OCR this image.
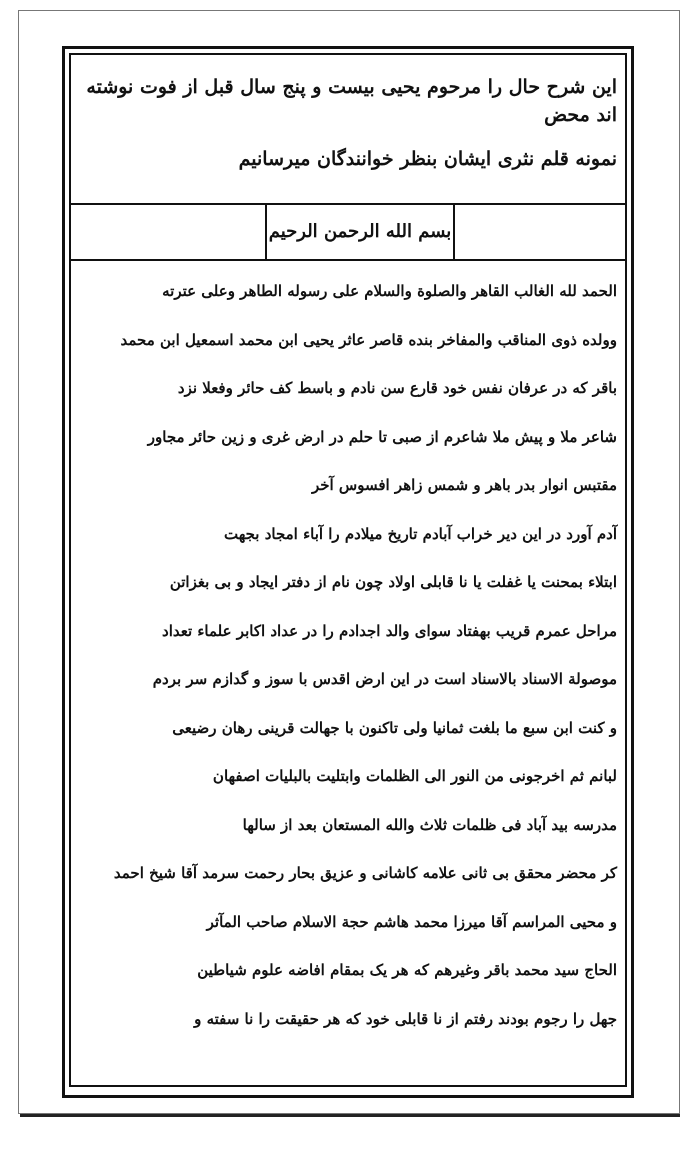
این شرح حال را مرحوم یحیی بیست و پنج سال قبل از فوت نوشته اند محض
نمونه قلم نثری ایشان بنظر خوانندگان میرسانیم
بسم الله الرحمن الرحیم
الحمد لله الغالب القاهر والصلوة والسلام علی رسوله الطاهر وعلی عترته
وولده ذوی المناقب والمفاخر بنده قاصر عاثر یحیی ابن محمد اسمعیل ابن محمد
باقر که در عرفان نفس خود قارع سن نادم و باسط کف حائر وفعلا نزد
شاعر ملا و پیش ملا شاعرم از صبی تا حلم در ارض غری و زین حائر مجاور
مقتبس انوار بدر باهر و شمس زاهر افسوس آخر
آدم آورد در این دیر خراب آبادم تاریخ میلادم را آباء امجاد بجهت
ابتلاء بمحنت یا غفلت یا نا قابلی اولاد چون نام از دفتر ایجاد و بی بغزاتن
مراحل عمرم قریب بهفتاد سوای والد اجدادم را در عداد اکابر علماء تعداد
موصولة الاسناد بالاسناد است در این ارض اقدس با سوز و گدازم سر بردم
و کنت ابن سبع ما بلغت ثمانیا ولی تاکنون با جهالت قرینی رهان رضیعی
لبانم ثم اخرجونی من النور الی الظلمات وابتلیت بالبلیات اصفهان
مدرسه بید آباد فی ظلمات ثلاث والله المستعان بعد از سالها
کر محضر محقق بی ثانی علامه کاشانی و عزیق بحار رحمت سرمد آقا شیخ احمد
و محیی المراسم آقا میرزا محمد هاشم حجة الاسلام صاحب المآثر
الحاج سید محمد باقر وغیرهم که هر یک بمقام افاضه علوم شیاطین
جهل را رجوم بودند رفتم از نا قابلی خود که هر حقیقت را نا سفته و
